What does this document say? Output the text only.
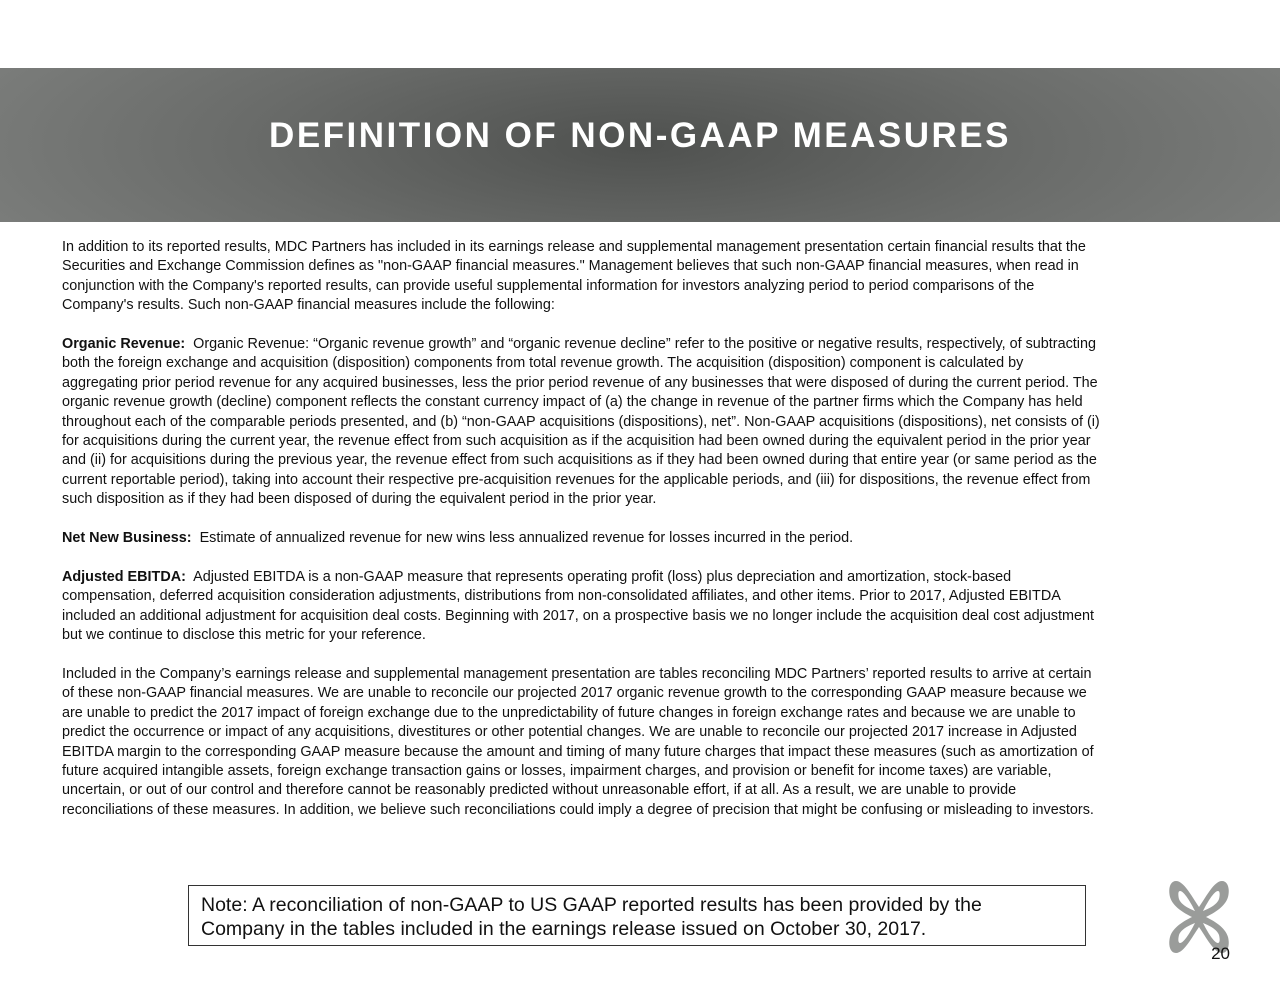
DEFINITION OF NON-GAAP MEASURES

In addition to its reported results, MDC Partners has included in its earnings release and supplemental management presentation certain financial results that the
Securities and Exchange Commission defines as "non-GAAP financial measures." Management believes that such non-GAAP financial measures, when read in
conjunction with the Company's reported results, can provide useful supplemental information for investors analyzing period to period comparisons of the
Company's results. Such non-GAAP financial measures include the following:

Organic Revenue: Organic Revenue: “Organic revenue growth” and “organic revenue decline” refer to the positive or negative results, respectively, of subtracting
both the foreign exchange and acquisition (disposition) components from total revenue growth. The acquisition (disposition) component is calculated by
aggregating prior period revenue for any acquired businesses, less the prior period revenue of any businesses that were disposed of during the current period. The
organic revenue growth (decline) component reflects the constant currency impact of (a) the change in revenue of the partner firms which the Company has held
throughout each of the comparable periods presented, and (b) “non-GAAP acquisitions (dispositions), net”. Non-GAAP acquisitions (dispositions), net consists of (i)
for acquisitions during the current year, the revenue effect from such acquisition as if the acquisition had been owned during the equivalent period in the prior year
and (ii) for acquisitions during the previous year, the revenue effect from such acquisitions as if they had been owned during that entire year (or same period as the
current reportable period), taking into account their respective pre-acquisition revenues for the applicable periods, and (iii) for dispositions, the revenue effect from
such disposition as if they had been disposed of during the equivalent period in the prior year.

Net New Business: Estimate of annualized revenue for new wins less annualized revenue for losses incurred in the period.

Adjusted EBITDA: Adjusted EBITDA is a non-GAAP measure that represents operating profit (loss) plus depreciation and amortization, stock-based
compensation, deferred acquisition consideration adjustments, distributions from non-consolidated affiliates, and other items. Prior to 2017, Adjusted EBITDA
included an additional adjustment for acquisition deal costs. Beginning with 2017, on a prospective basis we no longer include the acquisition deal cost adjustment
but we continue to disclose this metric for your reference.

Included in the Company’s earnings release and supplemental management presentation are tables reconciling MDC Partners’ reported results to arrive at certain
of these non-GAAP financial measures. We are unable to reconcile our projected 2017 organic revenue growth to the corresponding GAAP measure because we
are unable to predict the 2017 impact of foreign exchange due to the unpredictability of future changes in foreign exchange rates and because we are unable to
predict the occurrence or impact of any acquisitions, divestitures or other potential changes. We are unable to reconcile our projected 2017 increase in Adjusted
EBITDA margin to the corresponding GAAP measure because the amount and timing of many future charges that impact these measures (such as amortization of
future acquired intangible assets, foreign exchange transaction gains or losses, impairment charges, and provision or benefit for income taxes) are variable,
uncertain, or out of our control and therefore cannot be reasonably predicted without unreasonable effort, if at all. As a result, we are unable to provide
reconciliations of these measures. In addition, we believe such reconciliations could imply a degree of precision that might be confusing or misleading to investors.

Note: A reconciliation of non-GAAP to US GAAP reported results has been provided by the
Company in the tables included in the earnings release issued on October 30, 2017.
20
